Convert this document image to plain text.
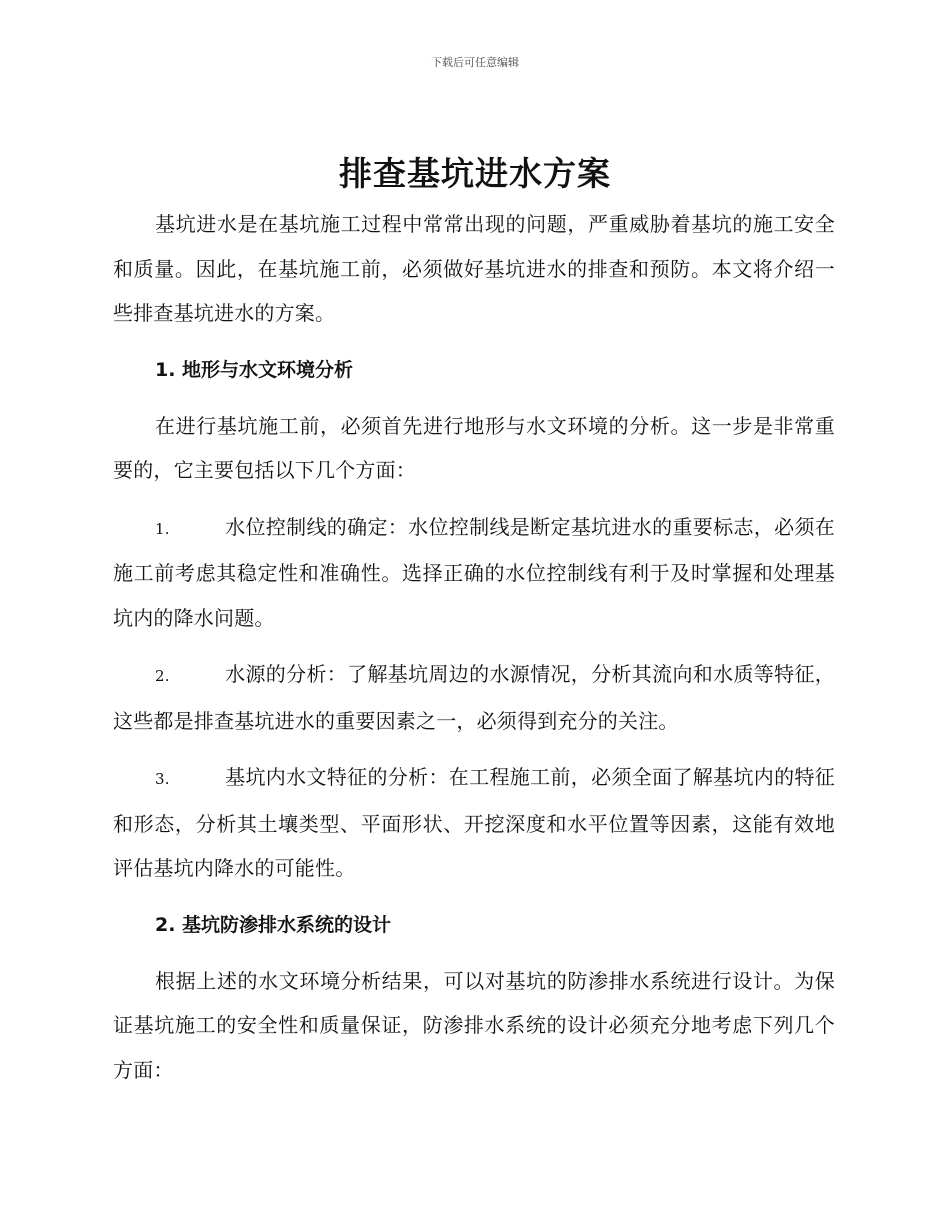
下载后可任意编辑
排查基坑进水方案

基坑进水是在基坑施工过程中常常出现的问题，严重威胁着基坑的施工安全和质量。因此，在基坑施工前，必须做好基坑进水的排查和预防。本文将介绍一些排查基坑进水的方案。

1. 地形与水文环境分析

在进行基坑施工前，必须首先进行地形与水文环境的分析。这一步是非常重要的，它主要包括以下几个方面：

1.	水位控制线的确定：水位控制线是断定基坑进水的重要标志，必须在施工前考虑其稳定性和准确性。选择正确的水位控制线有利于及时掌握和处理基坑内的降水问题。

2.	水源的分析：了解基坑周边的水源情况，分析其流向和水质等特征，这些都是排查基坑进水的重要因素之一，必须得到充分的关注。

3.	基坑内水文特征的分析：在工程施工前，必须全面了解基坑内的特征和形态，分析其土壤类型、平面形状、开挖深度和水平位置等因素，这能有效地评估基坑内降水的可能性。

2. 基坑防渗排水系统的设计

根据上述的水文环境分析结果，可以对基坑的防渗排水系统进行设计。为保证基坑施工的安全性和质量保证，防渗排水系统的设计必须充分地考虑下列几个方面：
